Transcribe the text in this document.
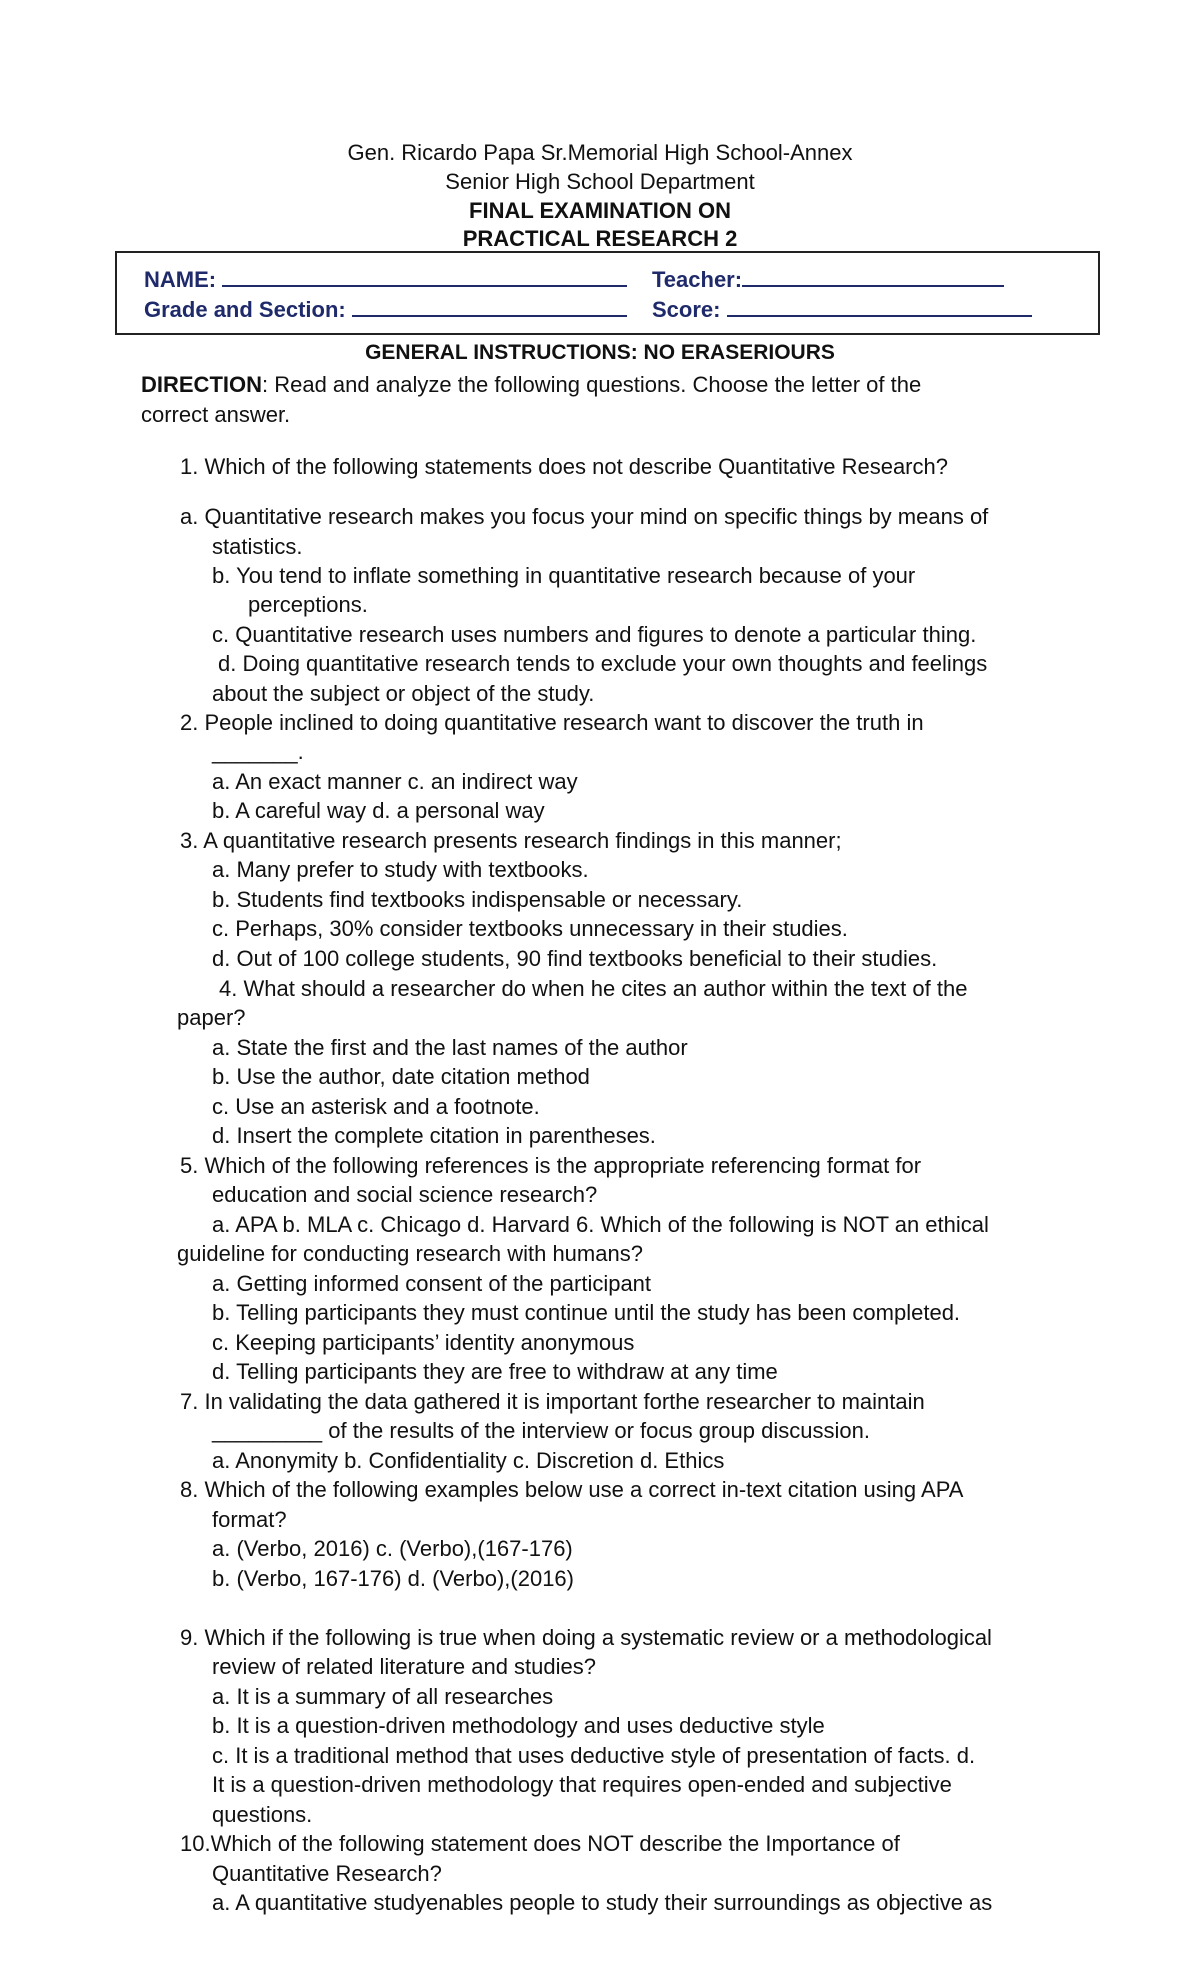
Gen. Ricardo Papa Sr.Memorial High School-Annex
Senior High School Department
FINAL EXAMINATION ON
PRACTICAL RESEARCH 2
NAME:	Teacher:
Grade and Section:	Score:
GENERAL INSTRUCTIONS: NO ERASERIOURS
DIRECTION: Read and analyze the following questions. Choose the letter of the
correct answer.
1. Which of the following statements does not describe Quantitative Research?
a. Quantitative research makes you focus your mind on specific things by means of
statistics.
b. You tend to inflate something in quantitative research because of your
perceptions.
c. Quantitative research uses numbers and figures to denote a particular thing.
d. Doing quantitative research tends to exclude your own thoughts and feelings
about the subject or object of the study.
2. People inclined to doing quantitative research want to discover the truth in
_______.
a. An exact manner c. an indirect way
b. A careful way d. a personal way
3. A quantitative research presents research findings in this manner;
a. Many prefer to study with textbooks.
b. Students find textbooks indispensable or necessary.
c. Perhaps, 30% consider textbooks unnecessary in their studies.
d. Out of 100 college students, 90 find textbooks beneficial to their studies.
4. What should a researcher do when he cites an author within the text of the
paper?
a. State the first and the last names of the author
b. Use the author, date citation method
c. Use an asterisk and a footnote.
d. Insert the complete citation in parentheses.
5. Which of the following references is the appropriate referencing format for
education and social science research?
a. APA b. MLA c. Chicago d. Harvard 6. Which of the following is NOT an ethical
guideline for conducting research with humans?
a. Getting informed consent of the participant
b. Telling participants they must continue until the study has been completed.
c. Keeping participants’ identity anonymous
d. Telling participants they are free to withdraw at any time
7. In validating the data gathered it is important forthe researcher to maintain
_________ of the results of the interview or focus group discussion.
a. Anonymity b. Confidentiality c. Discretion d. Ethics
8. Which of the following examples below use a correct in-text citation using APA
format?
a. (Verbo, 2016) c. (Verbo),(167-176)
b. (Verbo, 167-176) d. (Verbo),(2016)
9. Which if the following is true when doing a systematic review or a methodological
review of related literature and studies?
a. It is a summary of all researches
b. It is a question-driven methodology and uses deductive style
c. It is a traditional method that uses deductive style of presentation of facts. d.
It is a question-driven methodology that requires open-ended and subjective
questions.
10.Which of the following statement does NOT describe the Importance of
Quantitative Research?
a. A quantitative studyenables people to study their surroundings as objective as
